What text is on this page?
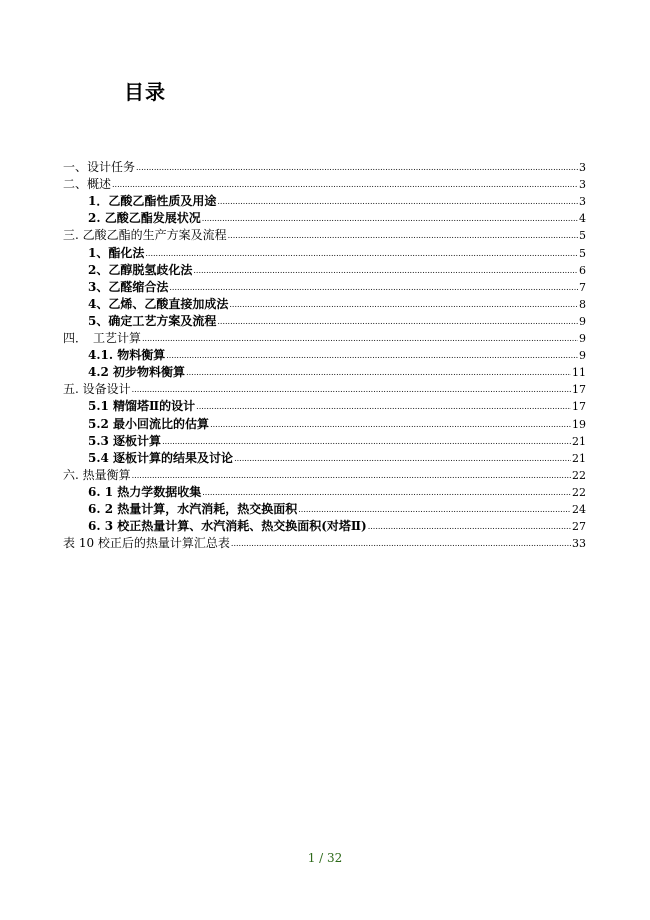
目录
一、设计任务 .....	3
二、概述 .....	3
1．乙酸乙酯性质及用途 .....	3
2. 乙酸乙酯发展状况 .....	4
三. 乙酸乙酯的生产方案及流程 .....	5
1、酯化法 .....	5
2、乙醇脱氢歧化法 .....	6
3、乙醛缩合法 .....	7
4、乙烯、乙酸直接加成法 .....	8
5、确定工艺方案及流程 .....	9
四．　工艺计算 .....	9
4.1. 物料衡算 .....	9
4.2 初步物料衡算 .....	11
五. 设备设计 .....	17
5.1 精馏塔Ⅱ的设计 .....	17
5.2 最小回流比的估算 .....	19
5.3 逐板计算 .....	21
5.4 逐板计算的结果及讨论 .....	21
六. 热量衡算 .....	22
6. 1 热力学数据收集 .....	22
6. 2 热量计算，水汽消耗，热交换面积 .....	24
6. 3 校正热量计算、水汽消耗、热交换面积(对塔Ⅱ) .....	27
表 10 校正后的热量计算汇总表 .....	33
1 / 32
